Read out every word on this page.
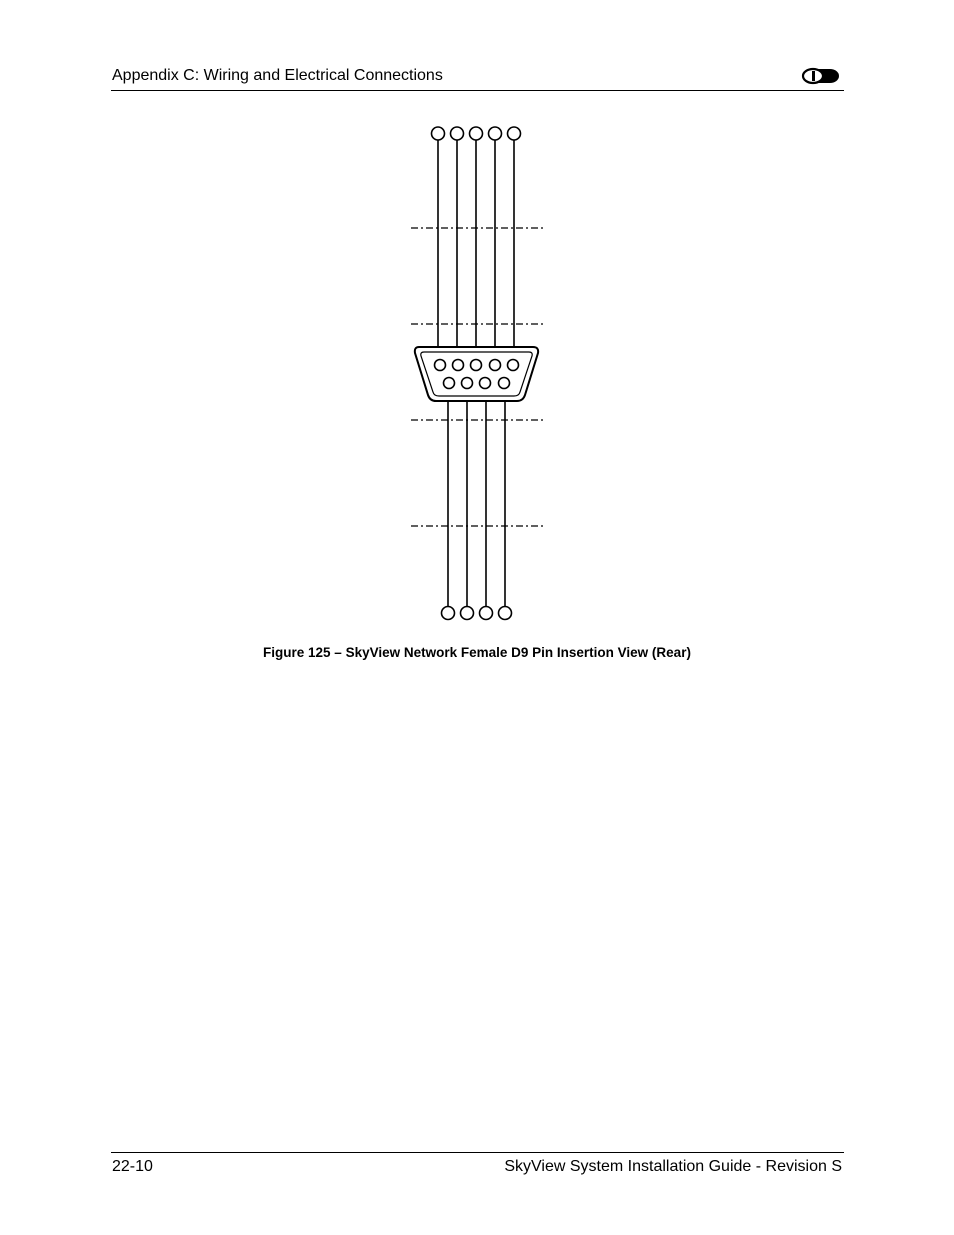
Appendix C: Wiring and Electrical Connections
Figure 125 – SkyView Network Female D9 Pin Insertion View (Rear)
22-10	SkyView System Installation Guide - Revision S
